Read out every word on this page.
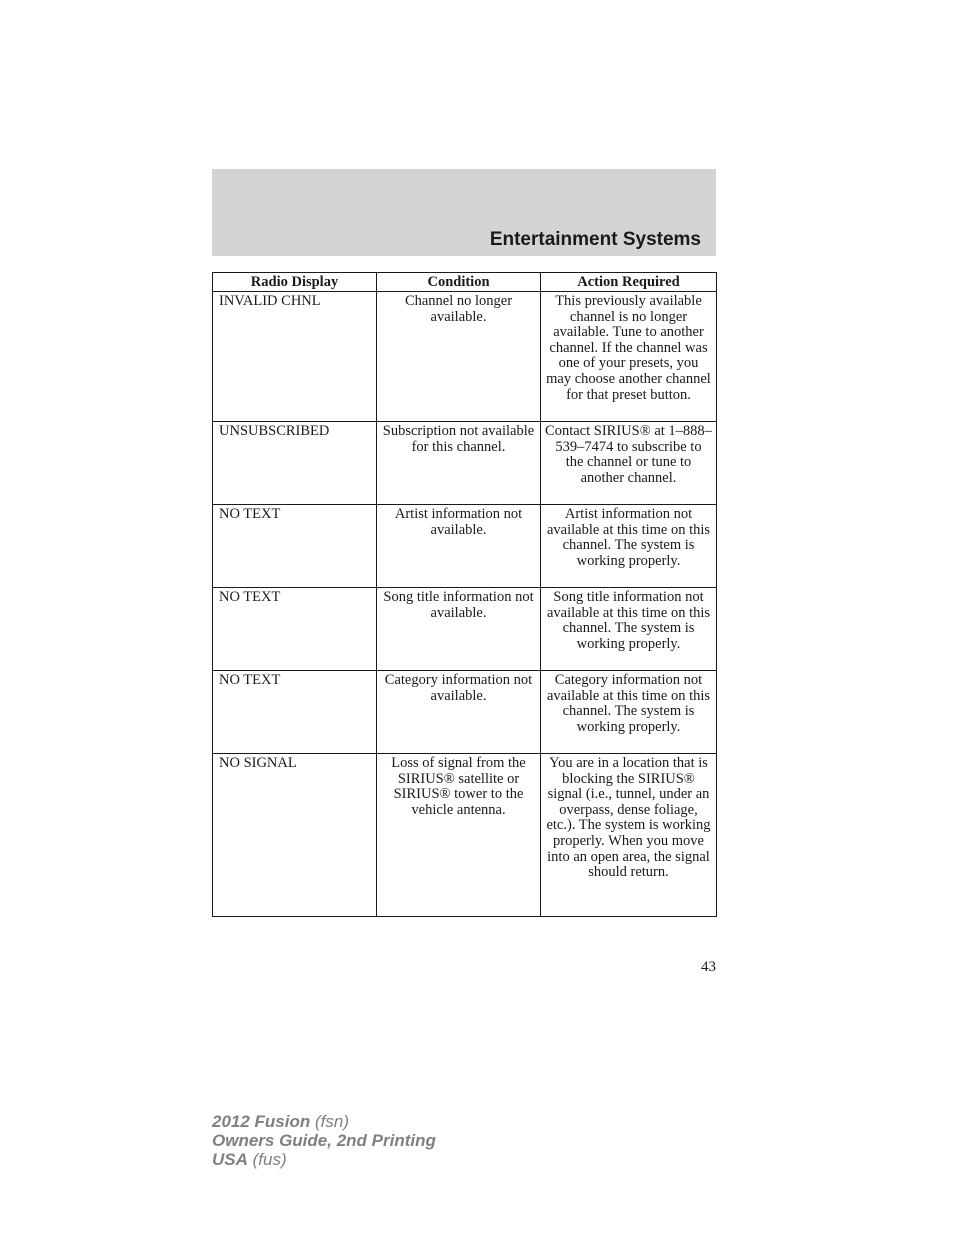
Entertainment Systems
Radio Display	Condition	Action Required
INVALID CHNL	Channel no longer available.	This previously available channel is no longer available. Tune to another channel. If the channel was one of your presets, you may choose another channel for that preset button.
UNSUBSCRIBED	Subscription not available for this channel.	Contact SIRIUS® at 1–888–539–7474 to subscribe to the channel or tune to another channel.
NO TEXT	Artist information not available.	Artist information not available at this time on this channel. The system is working properly.
NO TEXT	Song title information not available.	Song title information not available at this time on this channel. The system is working properly.
NO TEXT	Category information not available.	Category information not available at this time on this channel. The system is working properly.
NO SIGNAL	Loss of signal from the SIRIUS® satellite or SIRIUS® tower to the vehicle antenna.	You are in a location that is blocking the SIRIUS® signal (i.e., tunnel, under an overpass, dense foliage, etc.). The system is working properly. When you move into an open area, the signal should return.
43
2012 Fusion (fsn)
Owners Guide, 2nd Printing
USA (fus)
